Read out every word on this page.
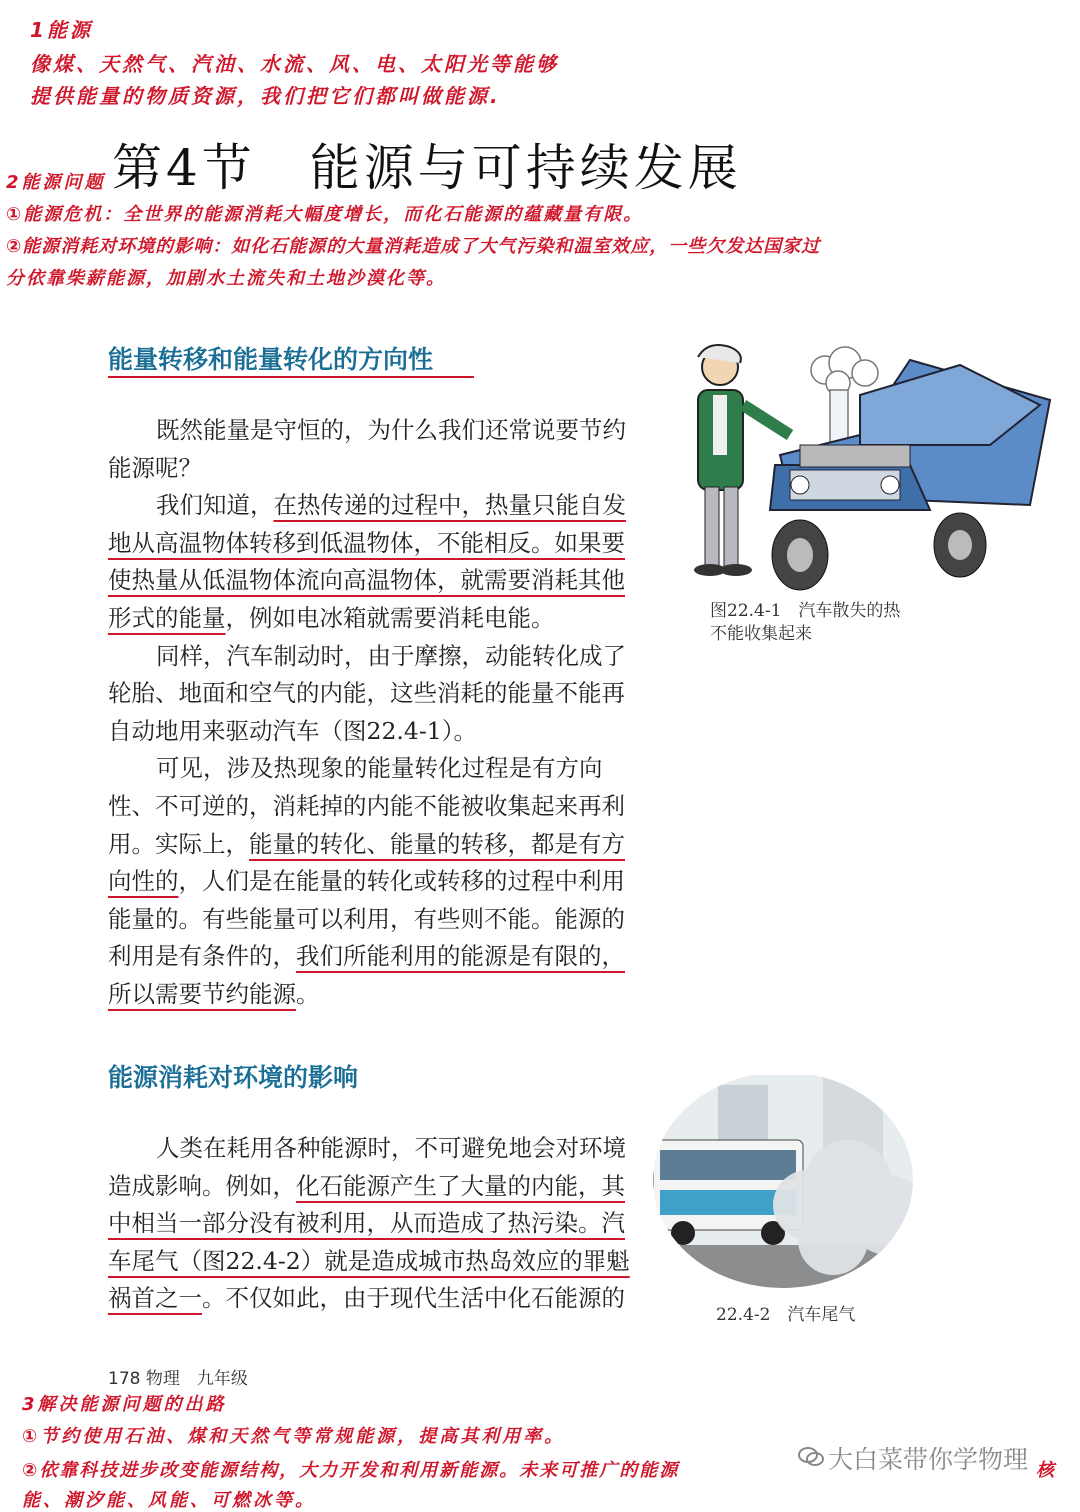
1能源
像煤、天然气、汽油、水流、风、电、太阳光等能够
提供能量的物质资源，我们把它们都叫做能源.
第4节　能源与可持续发展
2能源问题
①能源危机：全世界的能源消耗大幅度增长，而化石能源的蕴藏量有限。
②能源消耗对环境的影响：如化石能源的大量消耗造成了大气污染和温室效应，一些欠发达国家过
分依靠柴薪能源，加剧水土流失和土地沙漠化等。
能量转移和能量转化的方向性

既然能量是守恒的，为什么我们还常说要节约能源呢？

我们知道，在热传递的过程中，热量只能自发地从高温物体转移到低温物体，不能相反。如果要使热量从低温物体流向高温物体，就需要消耗其他形式的能量，例如电冰箱就需要消耗电能。

同样，汽车制动时，由于摩擦，动能转化成了轮胎、地面和空气的内能，这些消耗的能量不能再自动地用来驱动汽车（图22.4-1）。

可见，涉及热现象的能量转化过程是有方向性、不可逆的，消耗掉的内能不能被收集起来再利用。实际上，能量的转化、能量的转移，都是有方向性的，人们是在能量的转化或转移的过程中利用能量的。有些能量可以利用，有些则不能。能源的利用是有条件的，我们所能利用的能源是有限的，所以需要节约能源。

图22.4-1　汽车散失的热
不能收集起来
能源消耗对环境的影响

人类在耗用各种能源时，不可避免地会对环境造成影响。例如，化石能源产生了大量的内能，其中相当一部分没有被利用，从而造成了热污染。汽车尾气（图22.4-2）就是造成城市热岛效应的罪魁祸首之一。不仅如此，由于现代生活中化石能源的

22.4-2　汽车尾气
178 物理　九年级
3解决能源问题的出路
①节约使用石油、煤和天然气等常规能源，提高其利用率。
②依靠科技进步改变能源结构，大力开发和利用新能源。未来可推广的能源	核
能、潮汐能、风能、可燃冰等。
大白菜带你学物理
